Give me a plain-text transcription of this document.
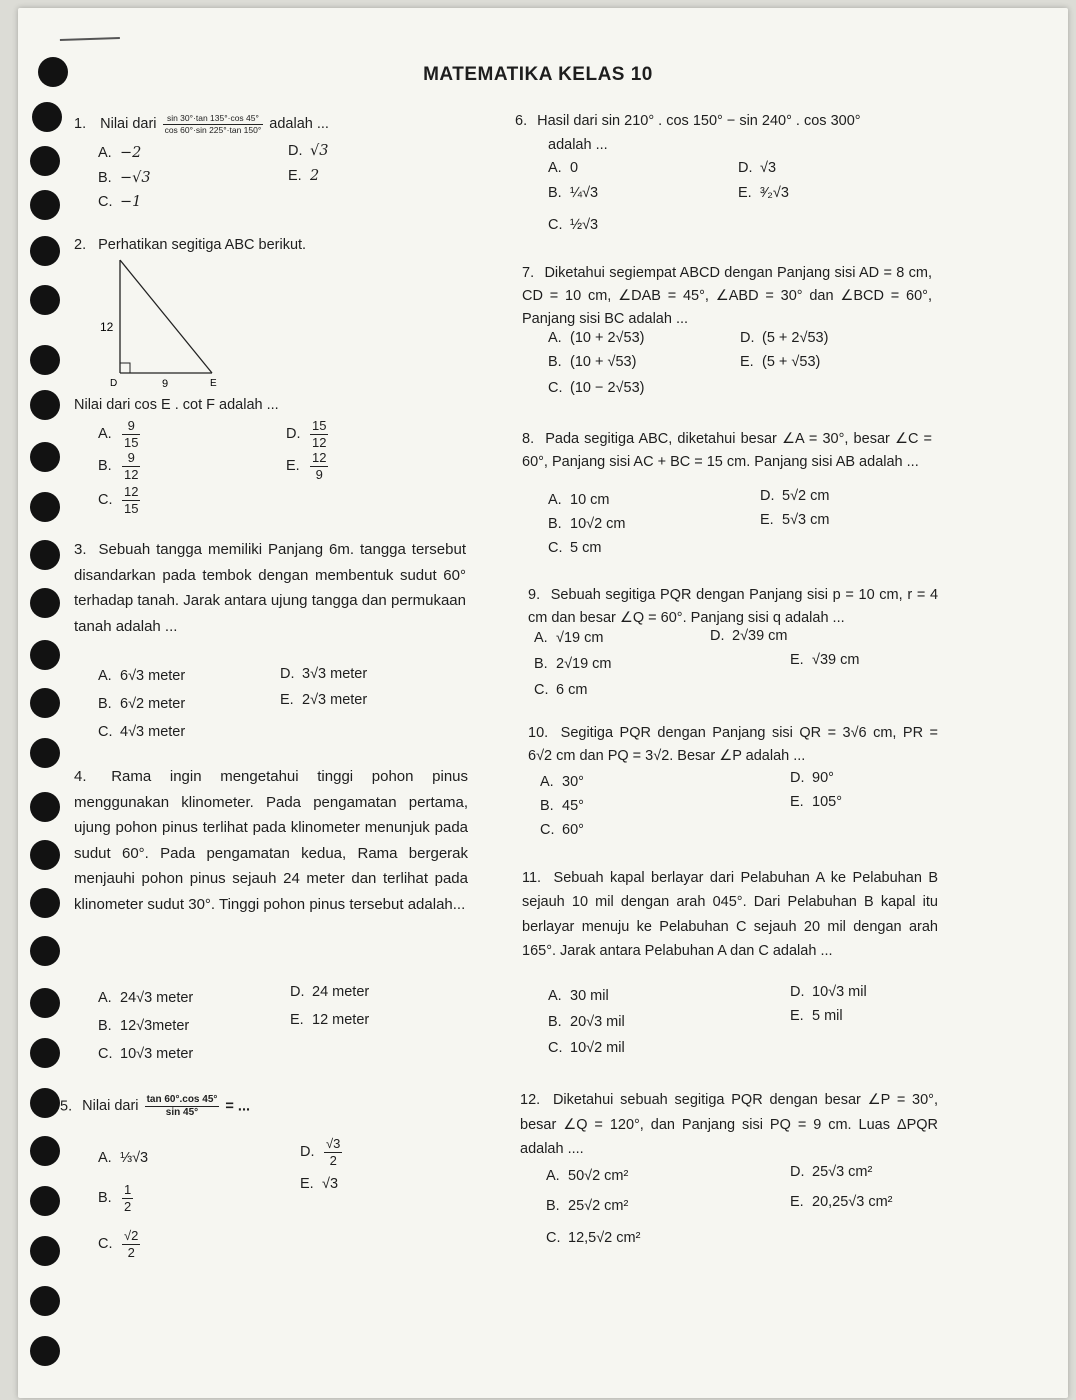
MATEMATIKA KELAS 10
1. Nilai dari $\frac{\sin 30^\circ\cdot\tan 135^\circ\cdot\cos 45^\circ}{\cos 60^\circ\cdot\sin 225^\circ\cdot\tan 150^\circ}$ adalah ...
A. −2
B. −√3
C. −1
D. √3
E. 2
2. Perhatikan segitiga ABC berikut.
12
9
D	E
Nilai dari cos E . cot F adalah ...
A. $\frac{9}{15}$
B. $\frac{9}{12}$
C. $\frac{12}{15}$
D. $\frac{15}{12}$
E. $\frac{12}{9}$
3. Sebuah tangga memiliki Panjang 6m. tangga tersebut disandarkan pada tembok dengan membentuk sudut 60° terhadap tanah. Jarak antara ujung tangga dan permukaan tanah adalah ...
A. 6√3 meter
B. 6√2 meter
C. 4√3 meter
D. 3√3 meter
E. 2√3 meter
4. Rama ingin mengetahui tinggi pohon pinus menggunakan klinometer. Pada pengamatan pertama, ujung pohon pinus terlihat pada klinometer menunjuk pada sudut 60°. Pada pengamatan kedua, Rama bergerak menjauhi pohon pinus sejauh 24 meter dan terlihat pada klinometer sudut 30°. Tinggi pohon pinus tersebut adalah...
A. 24√3 meter
B. 12√3meter
C. 10√3 meter
D. 24 meter
E. 12 meter
5. Nilai dari $\frac{\tan 60^\circ.\cos 45^\circ}{\sin 45^\circ}$ = ...
A. ⅓√3
B. $\frac{1}{2}$
C. $\frac{√2}{2}$
D. $\frac{√3}{2}$
E. √3
6. Hasil dari sin 210° . cos 150° − sin 240° . cos 300°
adalah ...
A. 0
B. ¼√3
C. ½√3
D. √3
E. ³⁄₂√3
7. Diketahui segiempat ABCD dengan Panjang sisi AD = 8 cm, CD = 10 cm, ∠DAB = 45°, ∠ABD = 30° dan ∠BCD = 60°, Panjang sisi BC adalah ...
A. (10 + 2√53)
B. (10 + √53)
C. (10 − 2√53)
D. (5 + 2√53)
E. (5 + √53)
8. Pada segitiga ABC, diketahui besar ∠A = 30°, besar ∠C = 60°, Panjang sisi AC + BC = 15 cm. Panjang sisi AB adalah ...
A. 10 cm
B. 10√2 cm
C. 5 cm
D. 5√2 cm
E. 5√3 cm
9. Sebuah segitiga PQR dengan Panjang sisi p = 10 cm, r = 4 cm dan besar ∠Q = 60°. Panjang sisi q adalah ...
A. √19 cm
B. 2√19 cm
C. 6 cm
D. 2√39 cm
E. √39 cm
10. Segitiga PQR dengan Panjang sisi QR = 3√6 cm, PR = 6√2 cm dan PQ = 3√2. Besar ∠P adalah ...
A. 30°
B. 45°
C. 60°
D. 90°
E. 105°
11. Sebuah kapal berlayar dari Pelabuhan A ke Pelabuhan B sejauh 10 mil dengan arah 045°. Dari Pelabuhan B kapal itu berlayar menuju ke Pelabuhan C sejauh 20 mil dengan arah 165°. Jarak antara Pelabuhan A dan C adalah ...
A. 30 mil
B. 20√3 mil
C. 10√2 mil
D. 10√3 mil
E. 5 mil
12. Diketahui sebuah segitiga PQR dengan besar ∠P = 30°, besar ∠Q = 120°, dan Panjang sisi PQ = 9 cm. Luas ΔPQR adalah ....
A. 50√2 cm²
B. 25√2 cm²
C. 12,5√2 cm²
D. 25√3 cm²
E. 20,25√3 cm²
